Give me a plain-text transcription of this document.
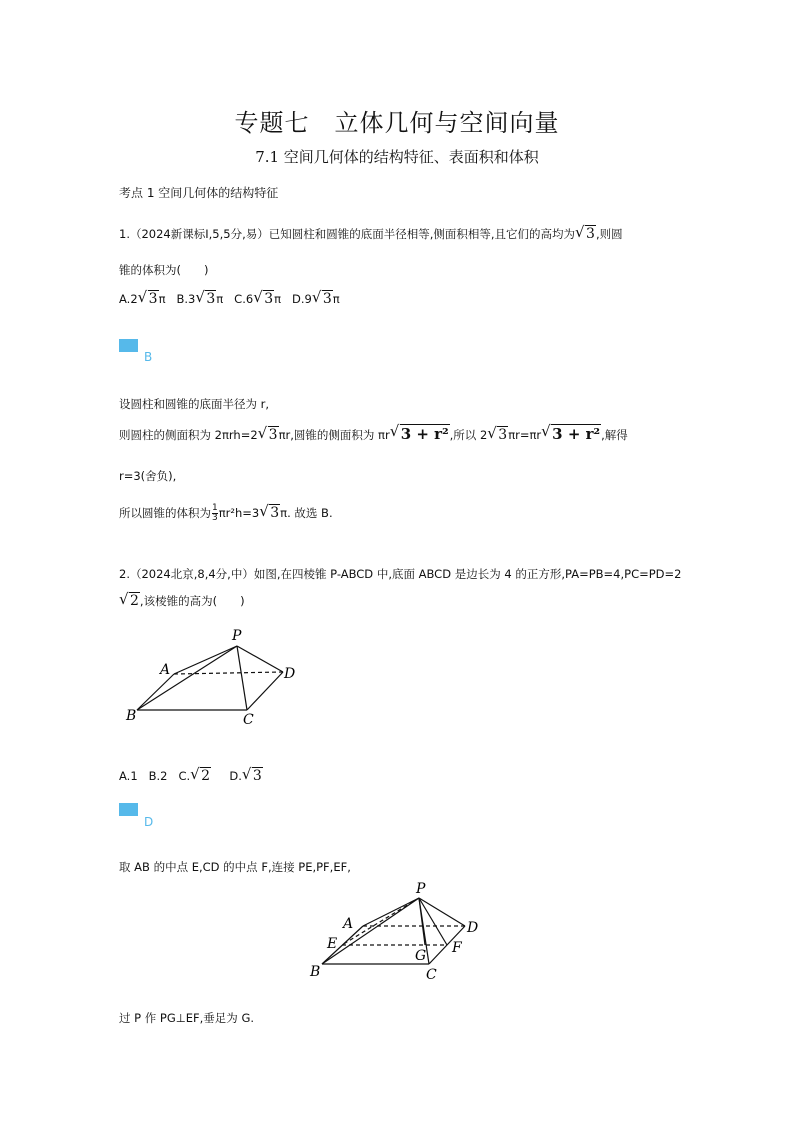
专题七　立体几何与空间向量
7.1 空间几何体的结构特征、表面积和体积
考点 1 空间几何体的结构特征
1.（2024新课标Ⅰ,5,5分,易）已知圆柱和圆锥的底面半径相等,侧面积相等,且它们的高均为√ 3,则圆
锥的体积为(　　)
A.2√ 3π B.3√ 3π C.6√ 3π D.9√ 3π
B
设圆柱和圆锥的底面半径为 r,
则圆柱的侧面积为 2πrh=2√ 3πr,圆锥的侧面积为 πr√ 3 + r²,所以 2√ 3πr=πr√ 3 + r²,解得
r=3(舍负),
所以圆锥的体积为 $\frac{1}{3} \pi r^2h=3√$ 3π. 故选 B.
2.（2024北京,8,4分,中）如图,在四棱锥 P-ABCD 中,底面 ABCD 是边长为 4 的正方形,PA=PB=4,PC=PD=2
√ 2,该棱锥的高为(　　)
P
A
B	C
D
A.1 B.2 C.√ 2 D.√ 3
D
取 AB 的中点 E,CD 的中点 F,连接 PE,PF,EF,
P
A
E
B
G F
C
D
过 P 作 PG⊥EF,垂足为 G.
